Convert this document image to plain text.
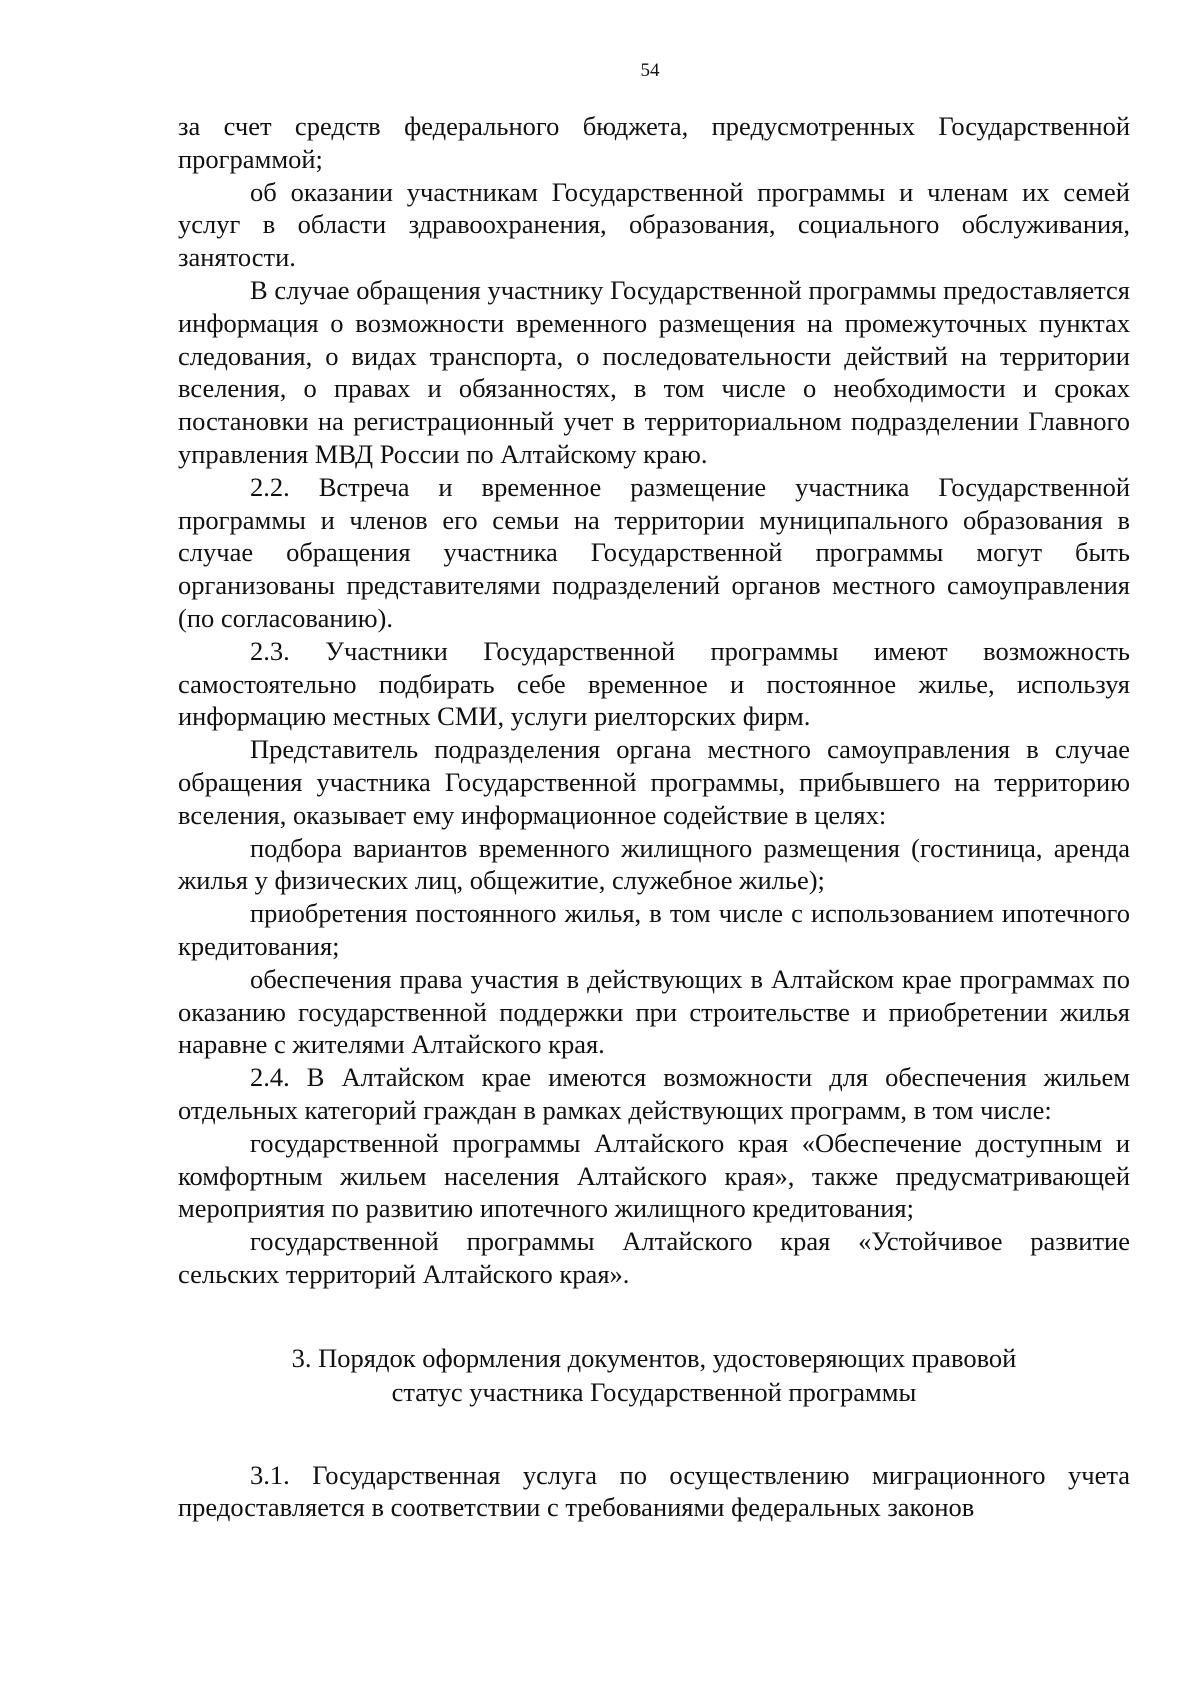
54

за счет средств федерального бюджета, предусмотренных Государственной программой;

об оказании участникам Государственной программы и членам их семей услуг в области здравоохранения, образования, социального обслуживания, занятости.

В случае обращения участнику Государственной программы предоставляется информация о возможности временного размещения на промежуточных пунктах следования, о видах транспорта, о последовательности действий на территории вселения, о правах и обязанностях, в том числе о необходимости и сроках постановки на регистрационный учет в территориальном подразделении Главного управления МВД России по Алтайскому краю.

2.2. Встреча и временное размещение участника Государственной программы и членов его семьи на территории муниципального образования в случае обращения участника Государственной программы могут быть организованы представителями подразделений органов местного самоуправления (по согласованию).

2.3. Участники Государственной программы имеют возможность самостоятельно подбирать себе временное и постоянное жилье, используя информацию местных СМИ, услуги риелторских фирм.

Представитель подразделения органа местного самоуправления в случае обращения участника Государственной программы, прибывшего на территорию вселения, оказывает ему информационное содействие в целях:

подбора вариантов временного жилищного размещения (гостиница, аренда жилья у физических лиц, общежитие, служебное жилье);

приобретения постоянного жилья, в том числе с использованием ипотечного кредитования;

обеспечения права участия в действующих в Алтайском крае программах по оказанию государственной поддержки при строительстве и приобретении жилья наравне с жителями Алтайского края.

2.4. В Алтайском крае имеются возможности для обеспечения жильем отдельных категорий граждан в рамках действующих программ, в том числе:

государственной программы Алтайского края «Обеспечение доступным и комфортным жильем населения Алтайского края», также предусматривающей мероприятия по развитию ипотечного жилищного кредитования;

государственной программы Алтайского края «Устойчивое развитие сельских территорий Алтайского края».

3. Порядок оформления документов, удостоверяющих правовой
статус участника Государственной программы

3.1. Государственная услуга по осуществлению миграционного учета предоставляется в соответствии с требованиями федеральных законов
